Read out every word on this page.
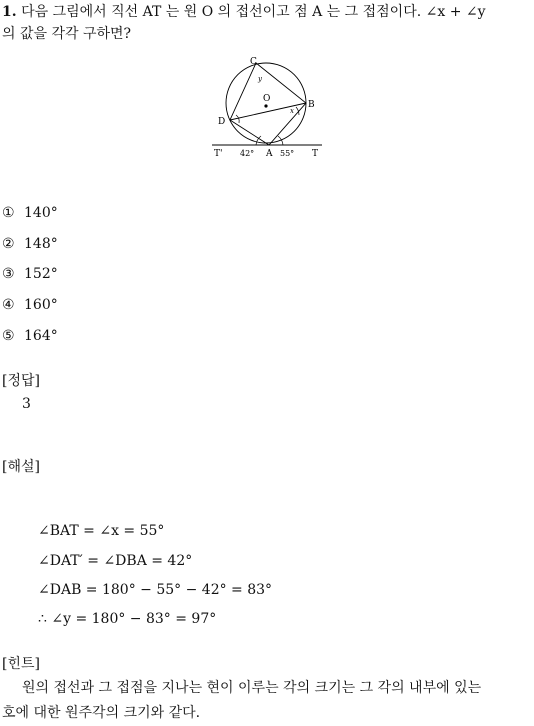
1. 다음 그림에서 직선 AT 는 원 O 의 접선이고 점 A 는 그 접점이다. ∠x + ∠y
의 값을 각각 구하면?
C
B
D
O
A
T'	T
y
x
42°	55°
① 140°
② 148°
③ 152°
④ 160°
⑤ 164°
[정답]
3
[해설]
∠BAT = ∠x = 55°
∠DAT′ = ∠DBA = 42°
∠DAB = 180° − 55° − 42° = 83°
∴ ∠y = 180° − 83° = 97°
[힌트]
원의 접선과 그 접점을 지나는 현이 이루는 각의 크기는 그 각의 내부에 있는
호에 대한 원주각의 크기와 같다.
